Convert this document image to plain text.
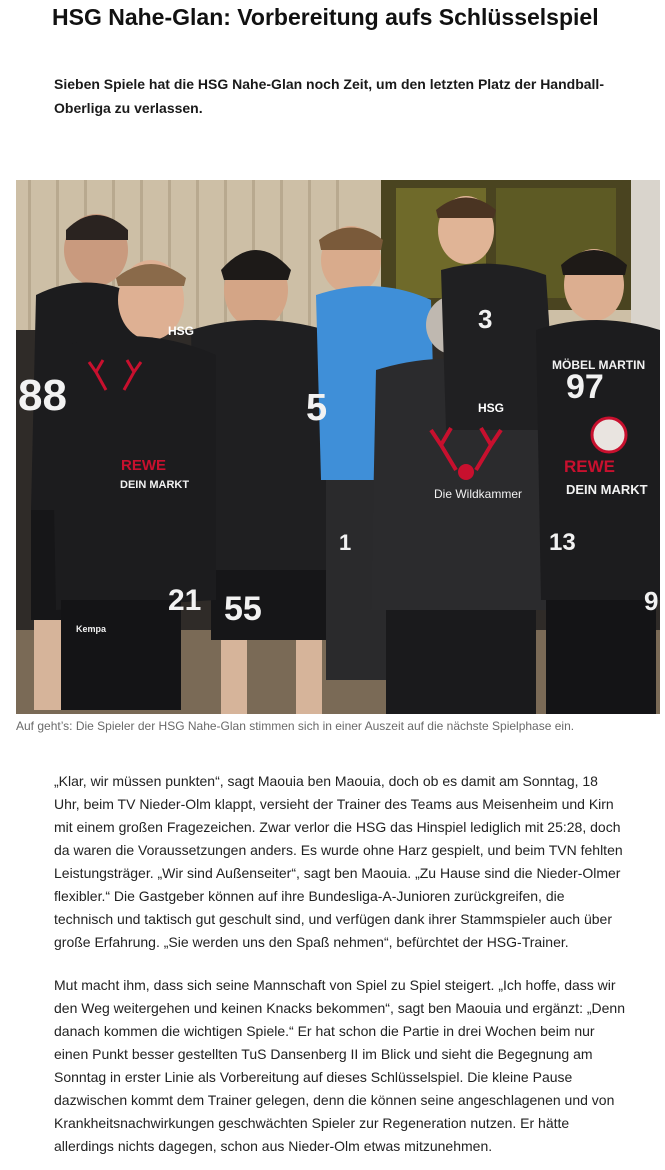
HSG Nahe-Glan: Vorbereitung aufs Schlüsselspiel

Sieben Spiele hat die HSG Nahe-Glan noch Zeit, um den letzten Platz der Handball-Oberliga zu verlassen.

88	97
55
5
21
13
9
3
1
HSG
HSG
REWE
DEIN MARKT
REWE
DEIN MARKT
MÖBEL MARTIN
Die Wildkammer
Kempa
Auf geht’s: Die Spieler der HSG Nahe-Glan stimmen sich in einer Auszeit auf die nächste Spielphase ein.

„Klar, wir müssen punkten“, sagt Maouia ben Maouia, doch ob es damit am Sonntag, 18 Uhr, beim TV Nieder-Olm klappt, versieht der Trainer des Teams aus Meisenheim und Kirn mit einem großen Fragezeichen. Zwar verlor die HSG das Hinspiel lediglich mit 25:28, doch da waren die Voraussetzungen anders. Es wurde ohne Harz gespielt, und beim TVN fehlten Leistungsträger. „Wir sind Außenseiter“, sagt ben Maouia. „Zu Hause sind die Nieder-Olmer flexibler.“ Die Gastgeber können auf ihre Bundesliga-A-Junioren zurückgreifen, die technisch und taktisch gut geschult sind, und verfügen dank ihrer Stammspieler auch über große Erfahrung. „Sie werden uns den Spaß nehmen“, befürchtet der HSG-Trainer.

Mut macht ihm, dass sich seine Mannschaft von Spiel zu Spiel steigert. „Ich hoffe, dass wir den Weg weitergehen und keinen Knacks bekommen“, sagt ben Maouia und ergänzt: „Denn danach kommen die wichtigen Spiele.“ Er hat schon die Partie in drei Wochen beim nur einen Punkt besser gestellten TuS Dansenberg II im Blick und sieht die Begegnung am Sonntag in erster Linie als Vorbereitung auf dieses Schlüsselspiel. Die kleine Pause dazwischen kommt dem Trainer gelegen, denn die können seine angeschlagenen und von Krankheitsnachwirkungen geschwächten Spieler zur Regeneration nutzen. Er hätte allerdings nichts dagegen, schon aus Nieder-Olm etwas mitzunehmen.
